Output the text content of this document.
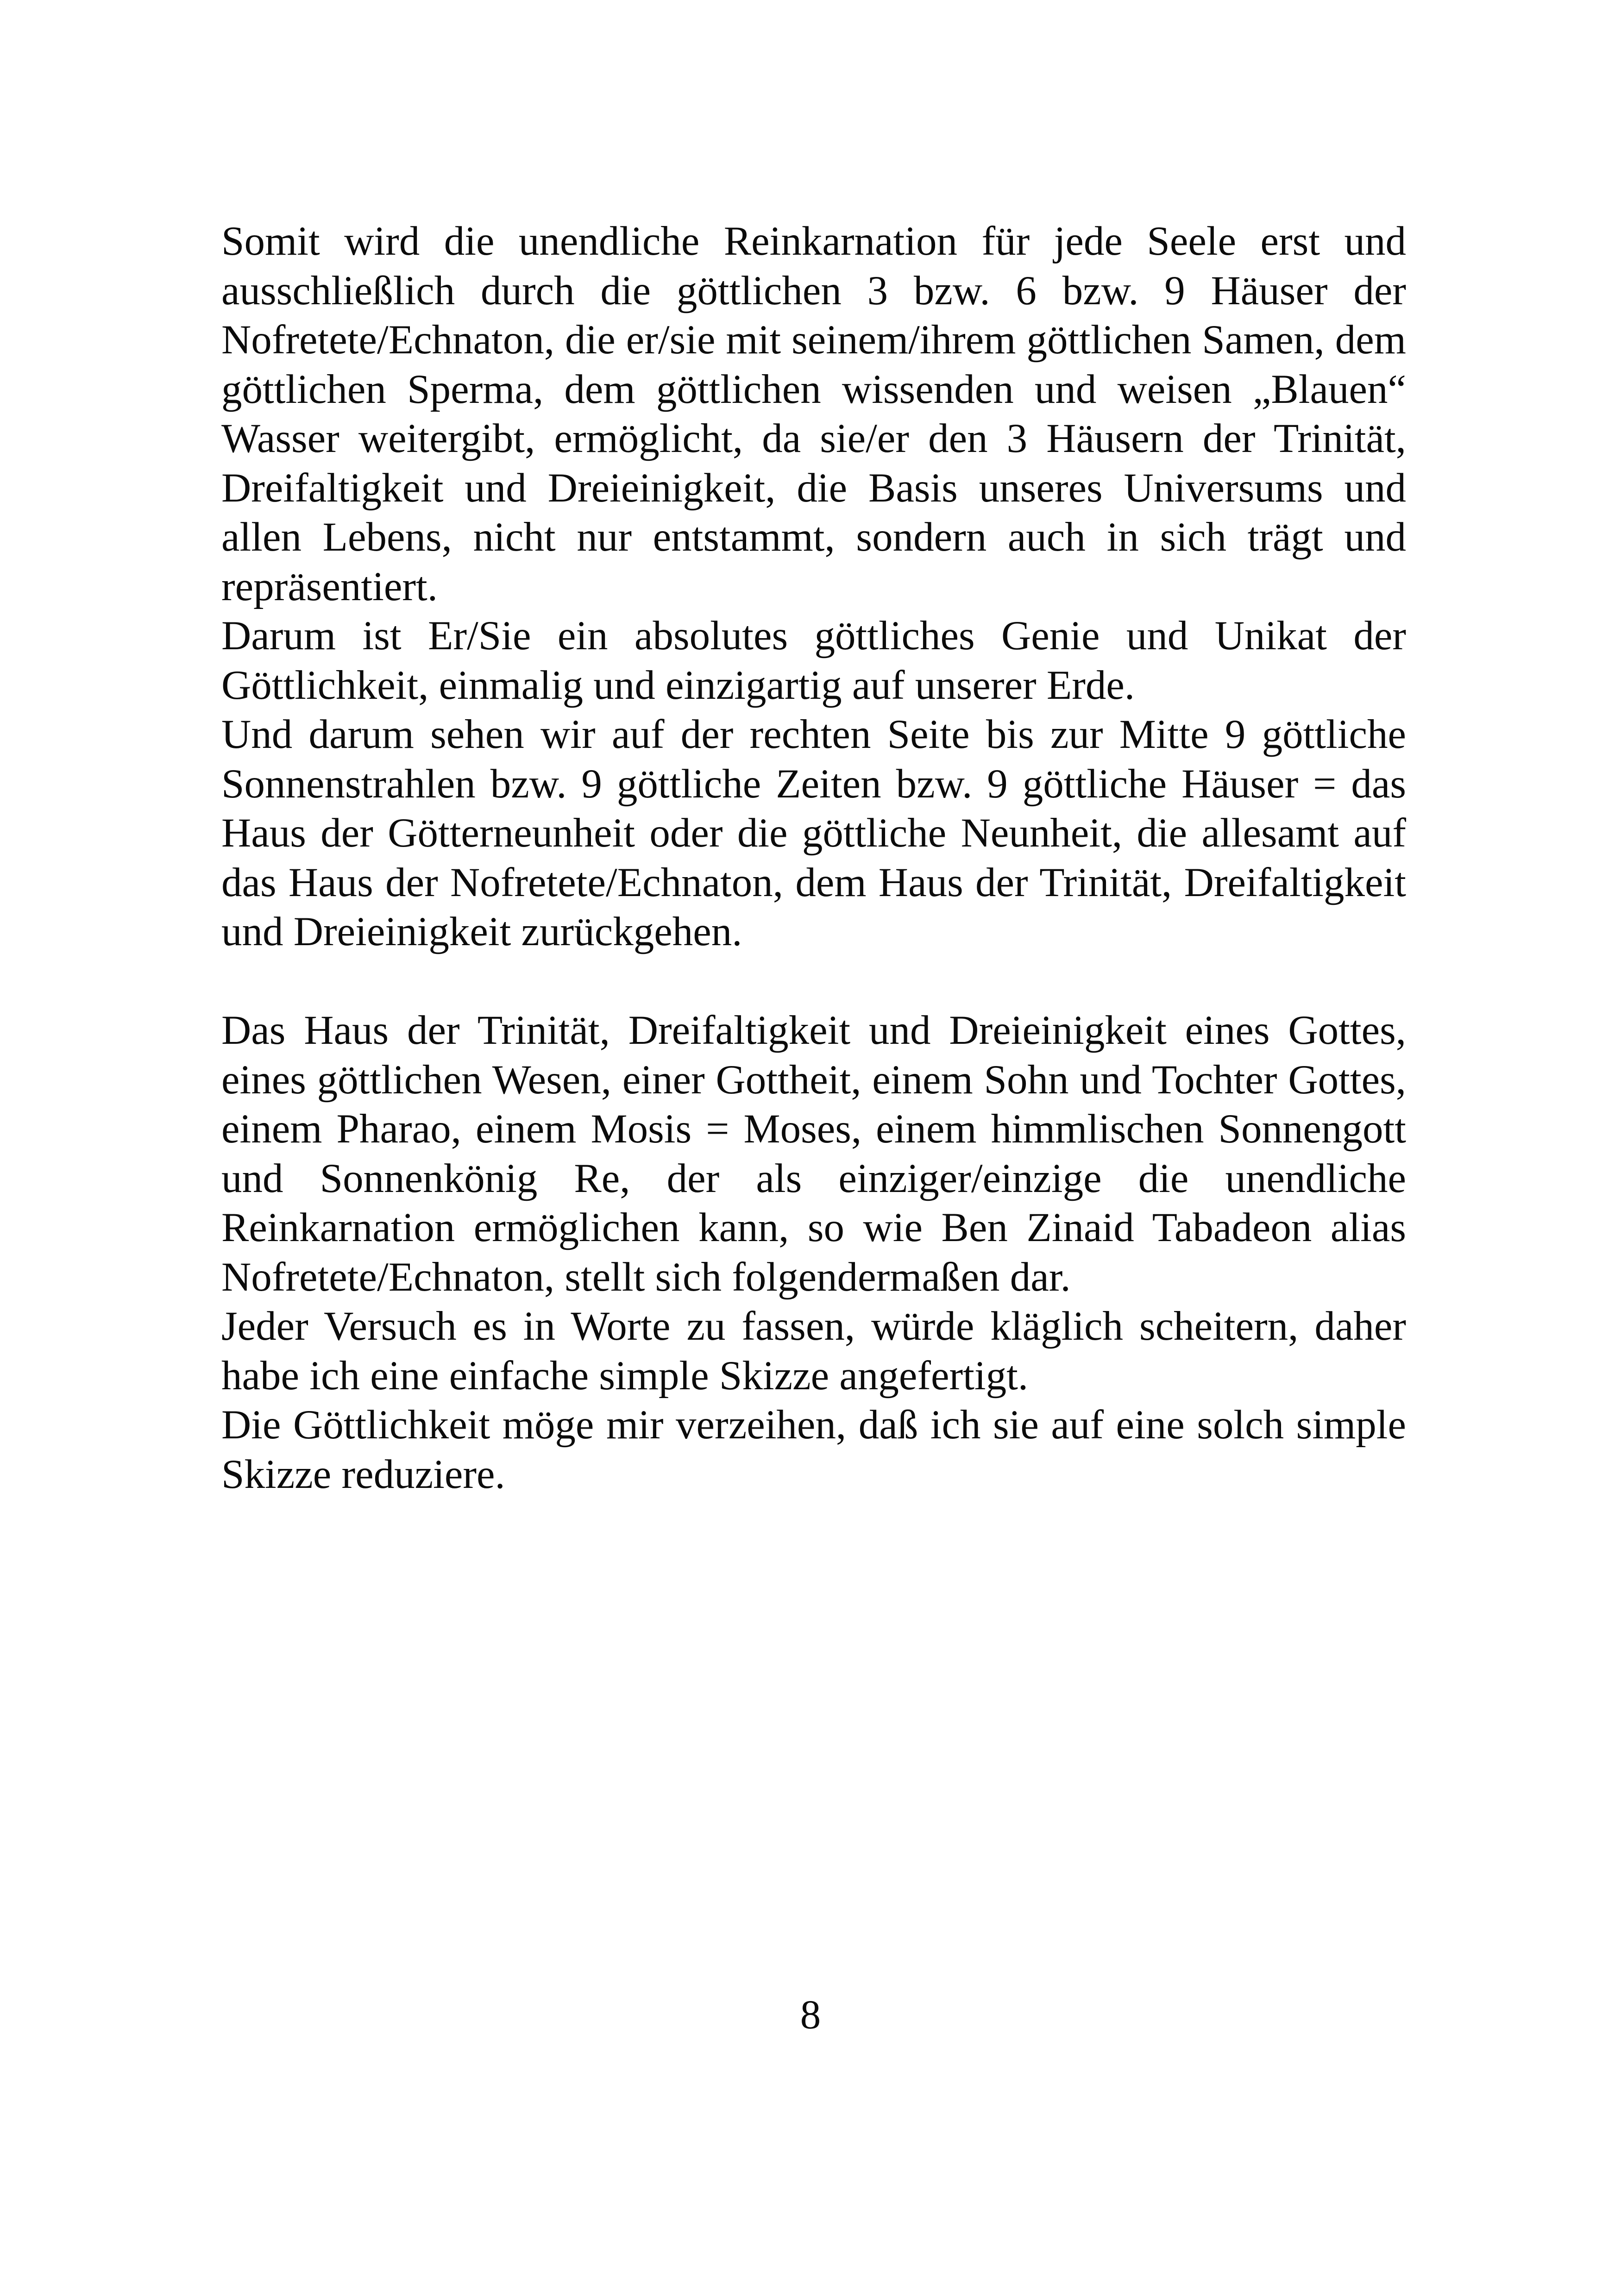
Somit wird die unendliche Reinkarnation für jede Seele erst und ausschließlich durch die göttlichen 3 bzw. 6 bzw. 9 Häuser der Nofretete/Echnaton, die er/sie mit seinem/ihrem göttlichen Samen, dem göttlichen Sperma, dem göttlichen wissenden und weisen „Blauen“ Wasser weitergibt, ermöglicht, da sie/er den 3 Häusern der Trinität, Dreifaltigkeit und Dreieinigkeit, die Basis unseres Universums und allen Lebens, nicht nur entstammt, sondern auch in sich trägt und repräsentiert.

Darum ist Er/Sie ein absolutes göttliches Genie und Unikat der Göttlichkeit, einmalig und einzigartig auf unserer Erde.

Und darum sehen wir auf der rechten Seite bis zur Mitte 9 göttliche Sonnenstrahlen bzw. 9 göttliche Zeiten bzw. 9 göttliche Häuser = das Haus der Götterneunheit oder die göttliche Neunheit, die allesamt auf das Haus der Nofretete/Echnaton, dem Haus der Trinität, Dreifaltigkeit und Dreieinigkeit zurückgehen.

Das Haus der Trinität, Dreifaltigkeit und Dreieinigkeit eines Gottes, eines göttlichen Wesen, einer Gottheit, einem Sohn und Tochter Gottes, einem Pharao, einem Mosis = Moses, einem himmlischen Sonnengott und Sonnenkönig Re, der als einziger/einzige die unendliche Reinkarnation ermöglichen kann, so wie Ben Zinaid Tabadeon alias Nofretete/Echnaton, stellt sich folgendermaßen dar.

Jeder Versuch es in Worte zu fassen, würde kläglich scheitern, daher habe ich eine einfache simple Skizze angefertigt.

Die Göttlichkeit möge mir verzeihen, daß ich sie auf eine solch simple Skizze reduziere.

8
